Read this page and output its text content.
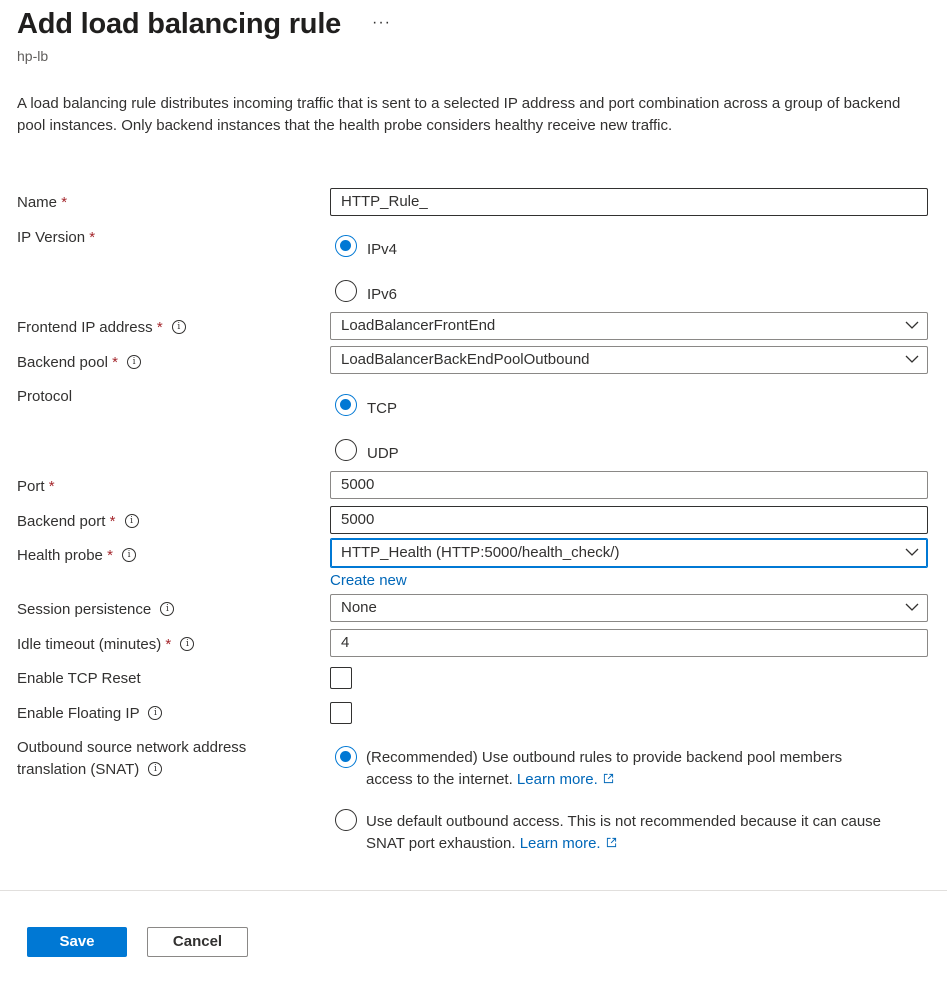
Add load balancing rule ···
hp-lb
A load balancing rule distributes incoming traffic that is sent to a selected IP address and port combination across a group of backend pool instances. Only backend instances that the health probe considers healthy receive new traffic.
Name *	HTTP_Rule_
IP Version *
IPv4
IPv6
Frontend IP address * i	LoadBalancerFrontEnd
Backend pool * i	LoadBalancerBackEndPoolOutbound
Protocol
TCP
UDP
Port *	5000
Backend port * i	5000
Health probe * i	HTTP_Health (HTTP:5000/health_check/)
Create new
Session persistence i	None
Idle timeout (minutes) * i	4
Enable TCP Reset
Enable Floating IP i
Outbound source network address
translation (SNAT) i
(Recommended) Use outbound rules to provide backend pool members
access to the internet. Learn more.
Use default outbound access. This is not recommended because it can cause
SNAT port exhaustion. Learn more.
Save	Cancel
